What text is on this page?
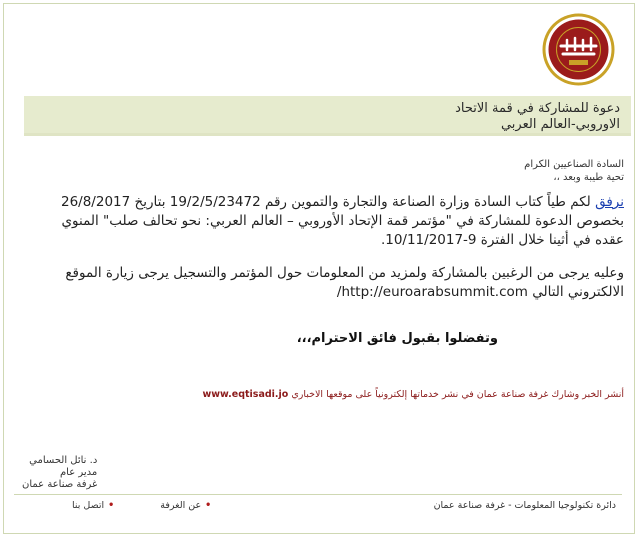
دعوة للمشاركة في قمة الاتحاد
الاوروبي-العالم العربي
السادة الصناعيين الكرام
تحية طيبة وبعد ،،
نرفق لكم طياً كتاب السادة وزارة الصناعة والتجارة والتموين رقم 19/2/5/23472 بتاريخ 26/8/2017
بخصوص الدعوة للمشاركة في "مؤتمر قمة الإتحاد الأوروبي – العالم العربي: نحو تحالف صلب" المنوي
عقده في أثينا خلال الفترة 9-10/11/2017.
وعليه يرجى من الرغبين بالمشاركة ولمزيد من المعلومات حول المؤتمر والتسجيل يرجى زيارة الموقع
الالكتروني التالي http://euroarabsummit.com/
وتفضلوا بقبول فائق الاحترام،،،
أنشر الخبر وشارك غرفة صناعة عمان في نشر خدماتها إلكترونياً على موقعها الاخباري www.eqtisadi.jo
د. نائل الحسامي
مدير عام
غرفة صناعة عمان
•عن الغرفة•اتصل بنا	دائرة تكنولوجيا المعلومات - غرفة صناعة عمان
